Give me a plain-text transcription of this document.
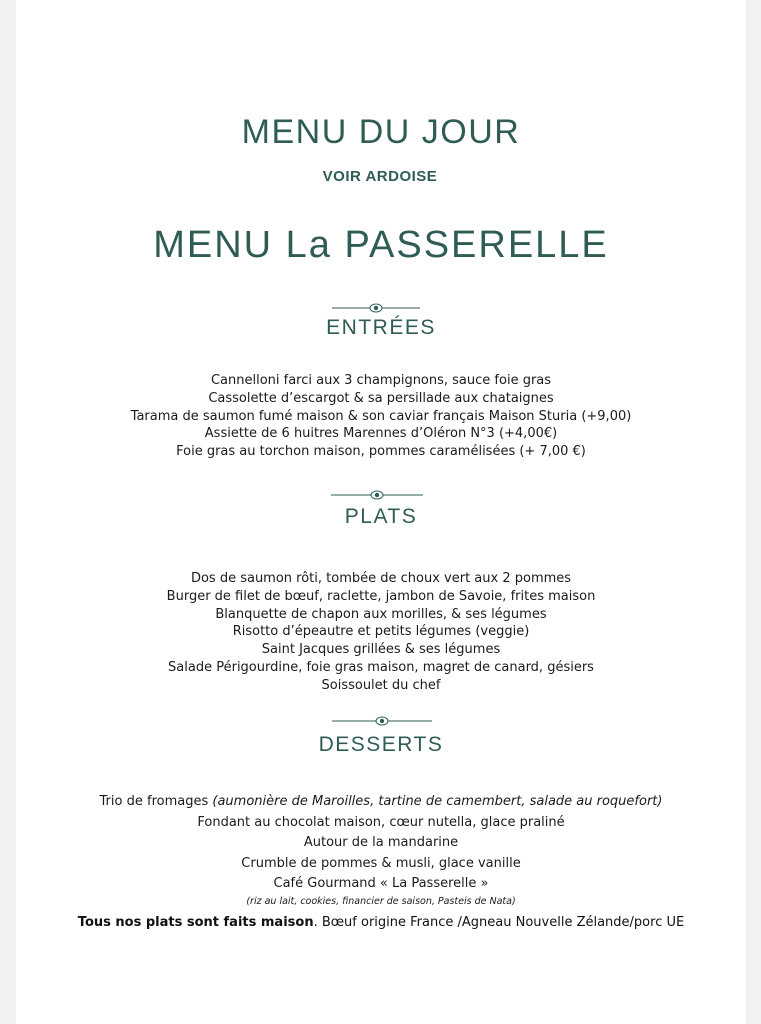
MENU DU JOUR
VOIR ARDOISE
MENU La PASSERELLE
ENTRÉES
Cannelloni farci aux 3 champignons, sauce foie gras
Cassolette d’escargot & sa persillade aux chataignes
Tarama de saumon fumé maison & son caviar français Maison Sturia (+9,00)
Assiette de 6 huitres Marennes d’Oléron N°3 (+4,00€)
Foie gras au torchon maison, pommes caramélisées (+ 7,00 €)
PLATS
Dos de saumon rôti, tombée de choux vert aux 2 pommes
Burger de filet de bœuf, raclette, jambon de Savoie, frites maison
Blanquette de chapon aux morilles, & ses légumes
Risotto d’épeautre et petits légumes (veggie)
Saint Jacques grillées & ses légumes
Salade Périgourdine, foie gras maison, magret de canard, gésiers
Soissoulet du chef
DESSERTS
Trio de fromages (aumonière de Maroilles, tartine de camembert, salade au roquefort)
Fondant au chocolat maison, cœur nutella, glace praliné
Autour de la mandarine
Crumble de pommes & musli, glace vanille
Café Gourmand « La Passerelle »
(riz au lait, cookies, financier de saison, Pasteis de Nata)
Tous nos plats sont faits maison. Bœuf origine France /Agneau Nouvelle Zélande/porc UE
